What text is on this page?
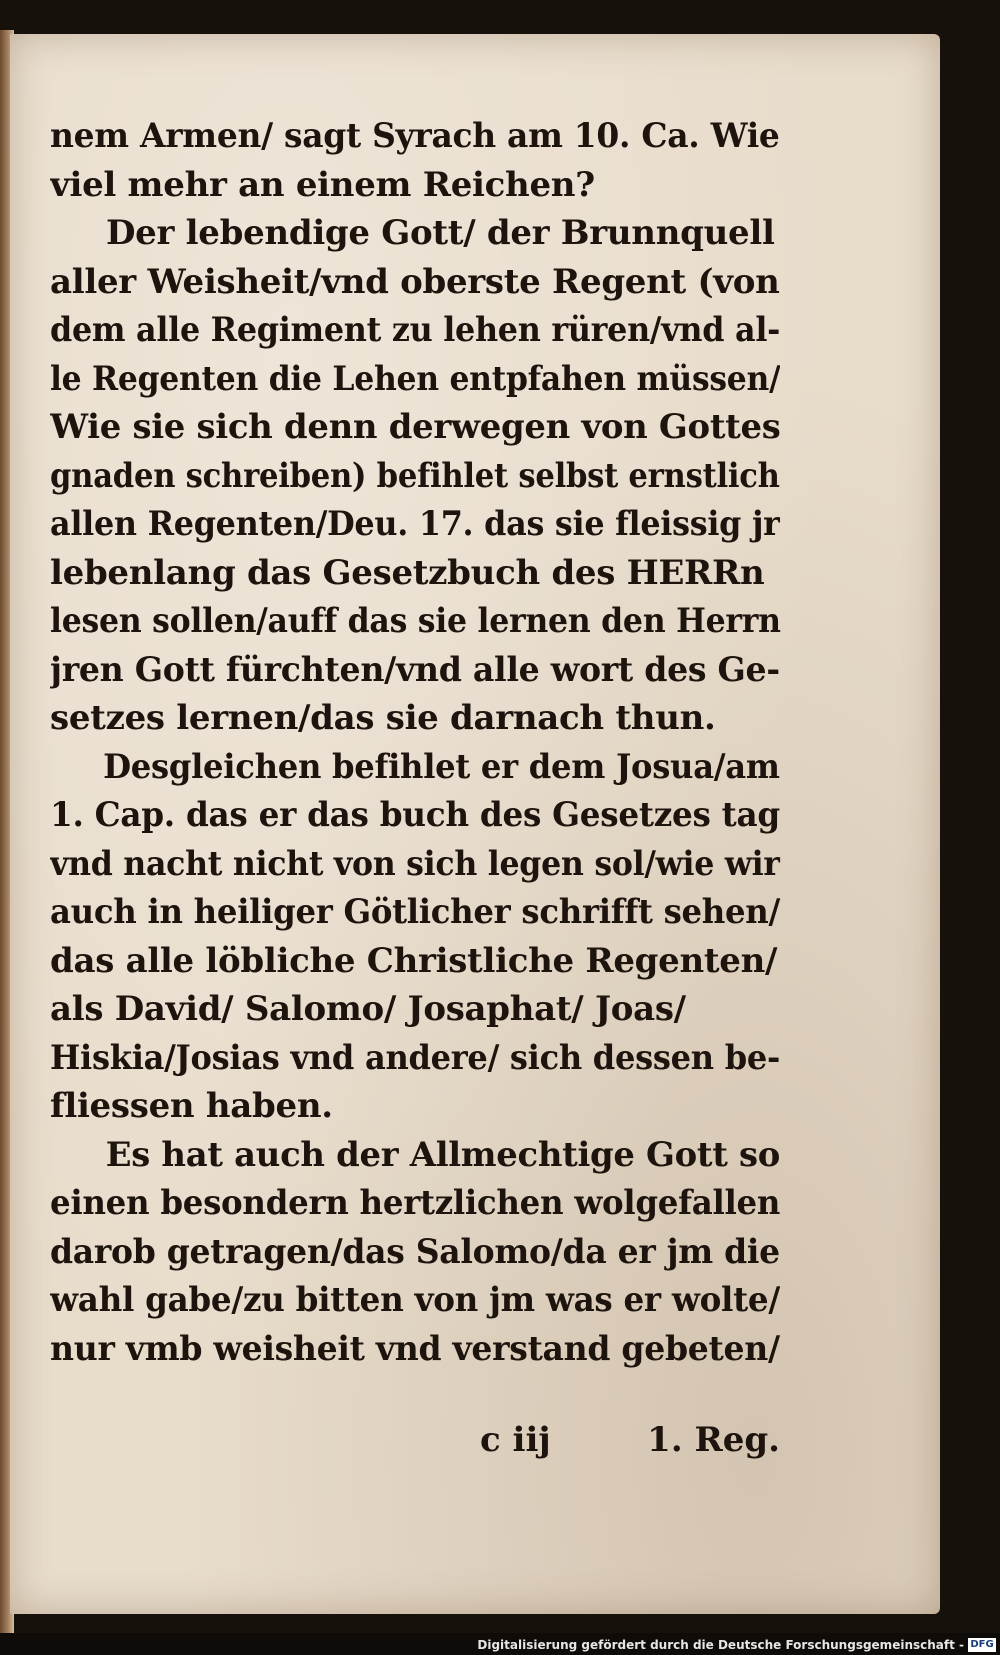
nem Armen/ sagt Syrach am 10. Ca. Wie
viel mehr an einem Reichen?
Der lebendige Gott/ der Brunnquell
aller Weisheit/vnd oberste Regent (von
dem alle Regiment zu lehen rüren/vnd al-
le Regenten die Lehen entpfahen müssen/
Wie sie sich denn derwegen von Gottes
gnaden schreiben) befihlet selbst ernstlich
allen Regenten/Deu. 17. das sie fleissig jr
lebenlang das Gesetzbuch des HERRn
lesen sollen/auff das sie lernen den Herrn
jren Gott fürchten/vnd alle wort des Ge-
setzes lernen/das sie darnach thun.
Desgleichen befihlet er dem Josua/am
1. Cap. das er das buch des Gesetzes tag
vnd nacht nicht von sich legen sol/wie wir
auch in heiliger Götlicher schrifft sehen/
das alle löbliche Christliche Regenten/
als David/ Salomo/ Josaphat/ Joas/
Hiskia/Josias vnd andere/ sich dessen be-
fliessen haben.
Es hat auch der Allmechtige Gott so
einen besondern hertzlichen wolgefallen
darob getragen/das Salomo/da er jm die
wahl gabe/zu bitten von jm was er wolte/
nur vmb weisheit vnd verstand gebeten/
c iij	1. Reg.
Digitalisierung gefördert durch die Deutsche Forschungsgemeinschaft - DFG
